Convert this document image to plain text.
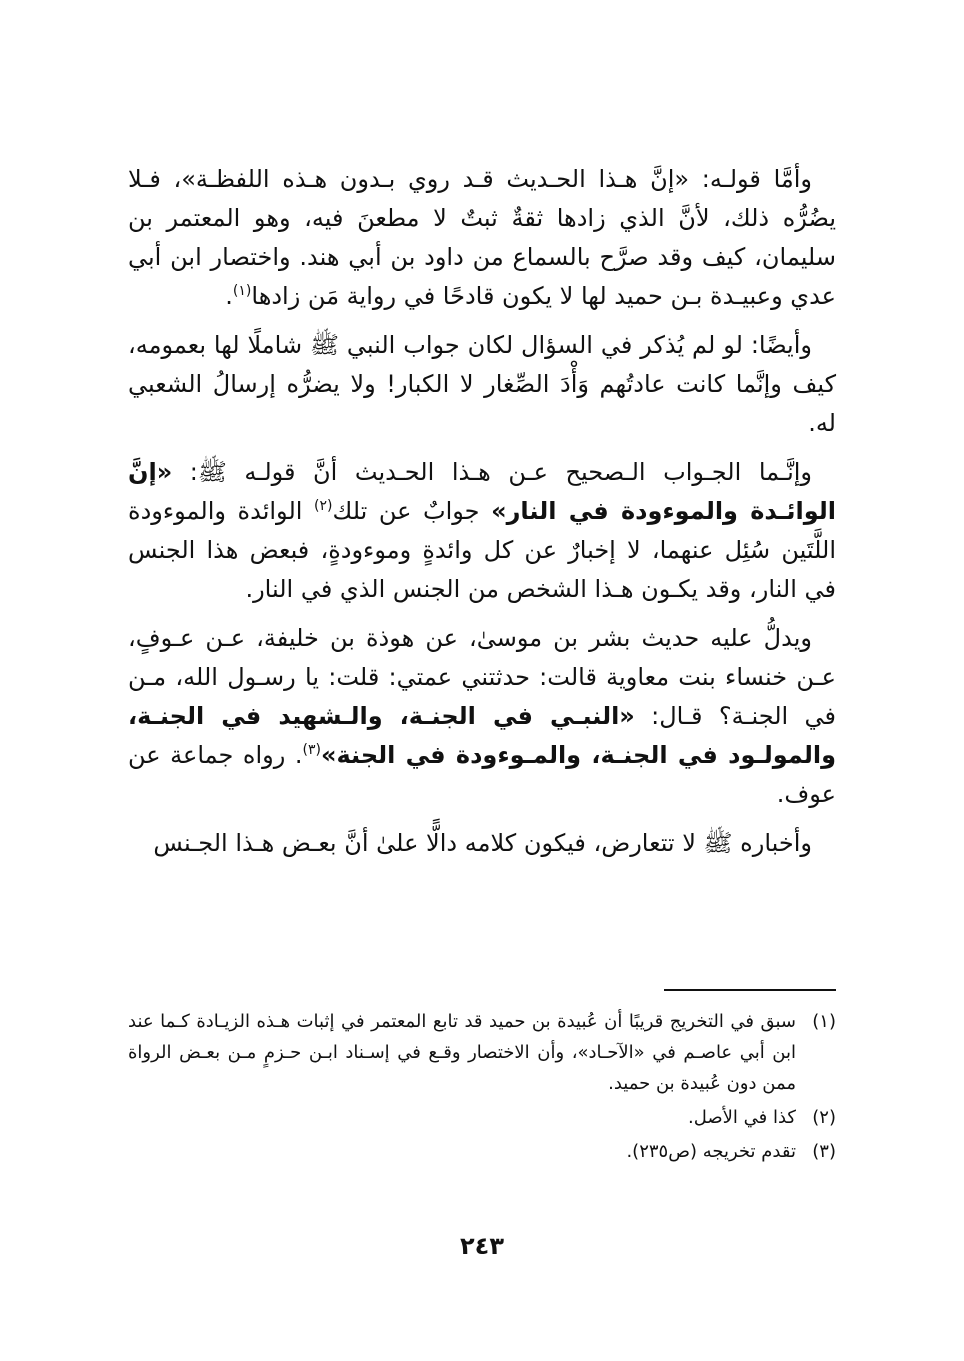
وأمَّا قولـه: «إنَّ هـذا الحـديث قـد روي بـدون هـذه اللفظـة»، فـلا يضُرُّه ذلك، لأنَّ الذي زادها ثقةٌ ثبتٌ لا مطعنَ فيه، وهو المعتمر بن سليمان، كيف وقد صرَّح بالسماع من داود بن أبي هند. واختصار ابن أبي عدي وعبيـدة بـن حميد لها لا يكون قادحًا في رواية مَن زادها$^{(١)}$.

وأيضًا: لو لم يُذكر في السؤال لكان جواب النبي ﷺ شاملًا لها بعمومه، كيف وإنَّما كانت عادتُهم وَأْدَ الصِّغار لا الكبار! ولا يضرُّه إرسالُ الشعبي له.

وإنَّـما الجـواب الـصحيح عـن هـذا الحـديث أنَّ قولـه ﷺ: «إنَّ الوائـدة والموءودة في النار» جوابٌ عن تلك$^{(٢)}$ الوائدة والموءودة اللَّتَين سُئِل عنهما، لا إخبارٌ عن كل وائدةٍ وموءودةٍ، فبعض هذا الجنس في النار، وقد يكـون هـذا الشخص من الجنس الذي في النار.

ويدلُّ عليه حديث بشر بن موسىٰ، عن هوذة بن خليفة، عـن عـوفٍ، عـن خنساء بنت معاوية قالت: حدثتني عمتي: قلت: يا رسـول الله، مـن في الجنـة؟ قـال: «النبـي في الجنـة، والـشهيد في الجنـة، والمولـود في الجنـة، والمـوءودة في الجنة»$^{(٣)}$. رواه جماعة عن عوف.

وأخباره ﷺ لا تتعارض، فيكون كلامه دالًّا علىٰ أنَّ بعـض هـذا الجـنس

(١)
سبق في التخريج قريبًا أن عُبيدة بن حميد قد تابع المعتمر في إثبات هـذه الزيـادة كـما عند ابن أبي عاصـم في «الآحـاد»، وأن الاختصار وقـع في إسـناد ابـن حـزمٍ مـن بعـض الرواة ممن دون عُبيدة بن حميد.
(٢)
كذا في الأصل.
(٣)
تقدم تخريجه (ص٢٣٥).
٢٤٣
